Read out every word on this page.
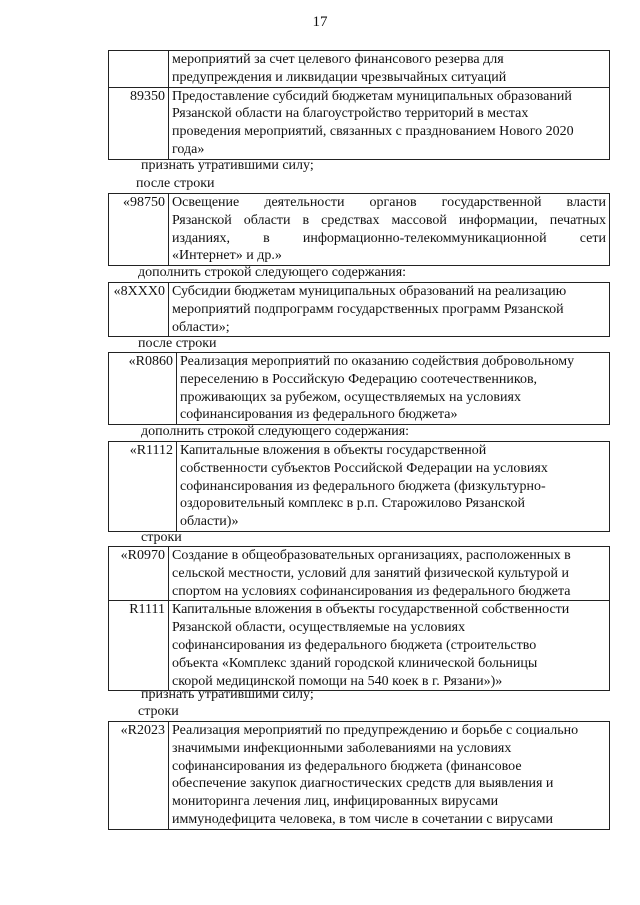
17

	мероприятий за счет целевого финансового резерва для
предупреждения и ликвидации чрезвычайных ситуаций

89350	Предоставление субсидий бюджетам муниципальных образований
Рязанской области на благоустройство территорий в местах
проведения мероприятий, связанных с празднованием Нового 2020
года»
признать утратившими силу;
после строки
«98750	Освещение деятельности органов государственной власти
Рязанской области в средствах массовой информации, печатных
изданиях, в информационно-телекоммуникационной сети
«Интернет» и др.»
дополнить строкой следующего содержания:
«8ХXX0	Субсидии бюджетам муниципальных образований на реализацию
мероприятий подпрограмм государственных программ Рязанской
области»;
после строки
«R0860	Реализация мероприятий по оказанию содействия добровольному
переселению в Российскую Федерацию соотечественников,
проживающих за рубежом, осуществляемых на условиях
софинансирования из федерального бюджета»
дополнить строкой следующего содержания:
«R1112	Капитальные вложения в объекты государственной
собственности субъектов Российской Федерации на условиях
софинансирования из федерального бюджета (физкультурно-
оздоровительный комплекс в р.п. Старожилово Рязанской
области)»
строки
«R0970	Создание в общеобразовательных организациях, расположенных в
сельской местности, условий для занятий физической культурой и
спортом на условиях софинансирования из федерального бюджета

R1111	Капитальные вложения в объекты государственной собственности
Рязанской области, осуществляемые на условиях
софинансирования из федерального бюджета (строительство
объекта «Комплекс зданий городской клинической больницы
скорой медицинской помощи на 540 коек в г. Рязани»)»
признать утратившими силу;
строки
«R2023	Реализация мероприятий по предупреждению и борьбе с социально
значимыми инфекционными заболеваниями на условиях
софинансирования из федерального бюджета (финансовое
обеспечение закупок диагностических средств для выявления и
мониторинга лечения лиц, инфицированных вирусами
иммунодефицита человека, в том числе в сочетании с вирусами
